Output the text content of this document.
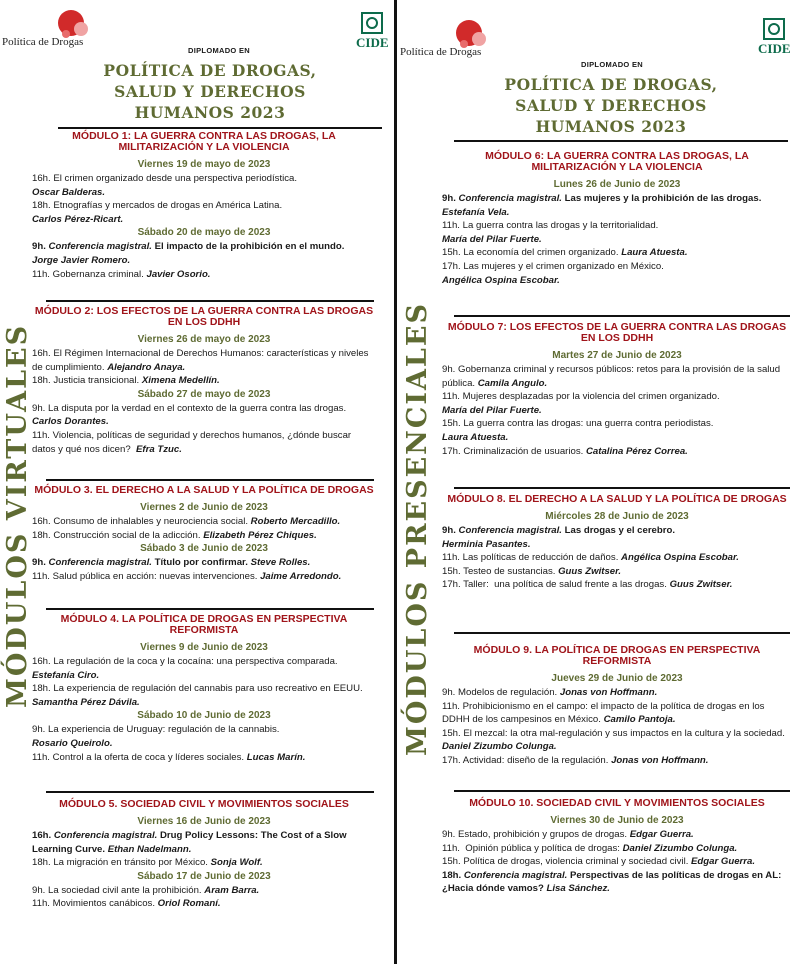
Política de Drogas	CIDE
DIPLOMADO EN
POLÍTICA DE DROGAS,
SALUD Y DERECHOS
HUMANOS 2023
MÓDULOS VIRTUALES
MÓDULO 1: LA GUERRA CONTRA LAS DROGAS, LA MILITARIZACIÓN Y LA VIOLENCIA
Viernes 19 de mayo de 2023
16h. El crimen organizado desde una perspectiva periodística.
Oscar Balderas.
18h. Etnografías y mercados de drogas en América Latina.
Carlos Pérez-Ricart.
Sábado 20 de mayo de 2023
9h. Conferencia magistral. El impacto de la prohibición en el mundo.
Jorge Javier Romero.
11h. Gobernanza criminal. Javier Osorio.
MÓDULO 2: LOS EFECTOS DE LA GUERRA CONTRA LAS DROGAS EN LOS DDHH
Viernes 26 de mayo de 2023
16h. El Régimen Internacional de Derechos Humanos: características y niveles de cumplimiento. Alejandro Anaya.
18h. Justicia transicional. Ximena Medellín.
Sábado 27 de mayo de 2023
9h. La disputa por la verdad en el contexto de la guerra contra las drogas.
Carlos Dorantes.
11h. Violencia, políticas de seguridad y derechos humanos, ¿dónde buscar datos y qué nos dicen?  Efra Tzuc.
MÓDULO 3. EL DERECHO A LA SALUD Y LA POLÍTICA DE DROGAS
Viernes 2 de Junio de 2023
16h. Consumo de inhalables y neurociencia social. Roberto Mercadillo.
18h. Construcción social de la adicción. Elizabeth Pérez Chiques.
Sábado 3 de Junio de 2023
9h. Conferencia magistral. Título por confirmar. Steve Rolles.
11h. Salud pública en acción: nuevas intervenciones. Jaime Arredondo.
MÓDULO 4. LA POLÍTICA DE DROGAS EN PERSPECTIVA REFORMISTA
Viernes 9 de Junio de 2023
16h. La regulación de la coca y la cocaína: una perspectiva comparada.
Estefanía Ciro.
18h. La experiencia de regulación del cannabis para uso recreativo en EEUU. Samantha Pérez Dávila.
Sábado 10 de Junio de 2023
9h. La experiencia de Uruguay: regulación de la cannabis.
Rosario Queirolo.
11h. Control a la oferta de coca y líderes sociales. Lucas Marín.
MÓDULO 5. SOCIEDAD CIVIL Y MOVIMIENTOS SOCIALES
Viernes 16 de Junio de 2023
16h. Conferencia magistral. Drug Policy Lessons: The Cost of a Slow Learning Curve. Ethan Nadelmann.
18h. La migración en tránsito por México. Sonja Wolf.
Sábado 17 de Junio de 2023
9h. La sociedad civil ante la prohibición. Aram Barra.
11h. Movimientos canábicos. Oriol Romaní.
Política de Drogas	CIDE
DIPLOMADO EN
POLÍTICA DE DROGAS,
SALUD Y DERECHOS
HUMANOS 2023
MÓDULOS PRESENCIALES
MÓDULO 6: LA GUERRA CONTRA LAS DROGAS, LA MILITARIZACIÓN Y LA VIOLENCIA
Lunes 26 de Junio de 2023
9h. Conferencia magistral. Las mujeres y la prohibición de las drogas. Estefanía Vela.
11h. La guerra contra las drogas y la territorialidad.
María del Pilar Fuerte.
15h. La economía del crimen organizado. Laura Atuesta.
17h. Las mujeres y el crimen organizado en México.
Angélica Ospina Escobar.
MÓDULO 7: LOS EFECTOS DE LA GUERRA CONTRA LAS DROGAS EN LOS DDHH
Martes 27 de Junio de 2023
9h. Gobernanza criminal y recursos públicos: retos para la provisión de la salud pública. Camila Angulo.
11h. Mujeres desplazadas por la violencia del crimen organizado.
María del Pilar Fuerte.
15h. La guerra contra las drogas: una guerra contra periodistas.
Laura Atuesta.
17h. Criminalización de usuarios. Catalina Pérez Correa.
MÓDULO 8. EL DERECHO A LA SALUD Y LA POLÍTICA DE DROGAS
Miércoles 28 de Junio de 2023
9h. Conferencia magistral. Las drogas y el cerebro.
Herminia Pasantes.
11h. Las políticas de reducción de daños. Angélica Ospina Escobar.
15h. Testeo de sustancias. Guus Zwitser.
17h. Taller:  una política de salud frente a las drogas. Guus Zwitser.
MÓDULO 9. LA POLÍTICA DE DROGAS EN PERSPECTIVA REFORMISTA
Jueves 29 de Junio de 2023
9h. Modelos de regulación. Jonas von Hoffmann.
11h. Prohibicionismo en el campo: el impacto de la política de drogas en los DDHH de los campesinos en México. Camilo Pantoja.
15h. El mezcal: la otra mal-regulación y sus impactos en la cultura y la sociedad. Daniel Zizumbo Colunga.
17h. Actividad: diseño de la regulación. Jonas von Hoffmann.
MÓDULO 10. SOCIEDAD CIVIL Y MOVIMIENTOS SOCIALES
Viernes 30 de Junio de 2023
9h. Estado, prohibición y grupos de drogas. Edgar Guerra.
11h.  Opinión pública y política de drogas: Daniel Zizumbo Colunga.
15h. Política de drogas, violencia criminal y sociedad civil. Edgar Guerra.
18h. Conferencia magistral. Perspectivas de las políticas de drogas en AL: ¿Hacia dónde vamos? Lisa Sánchez.
